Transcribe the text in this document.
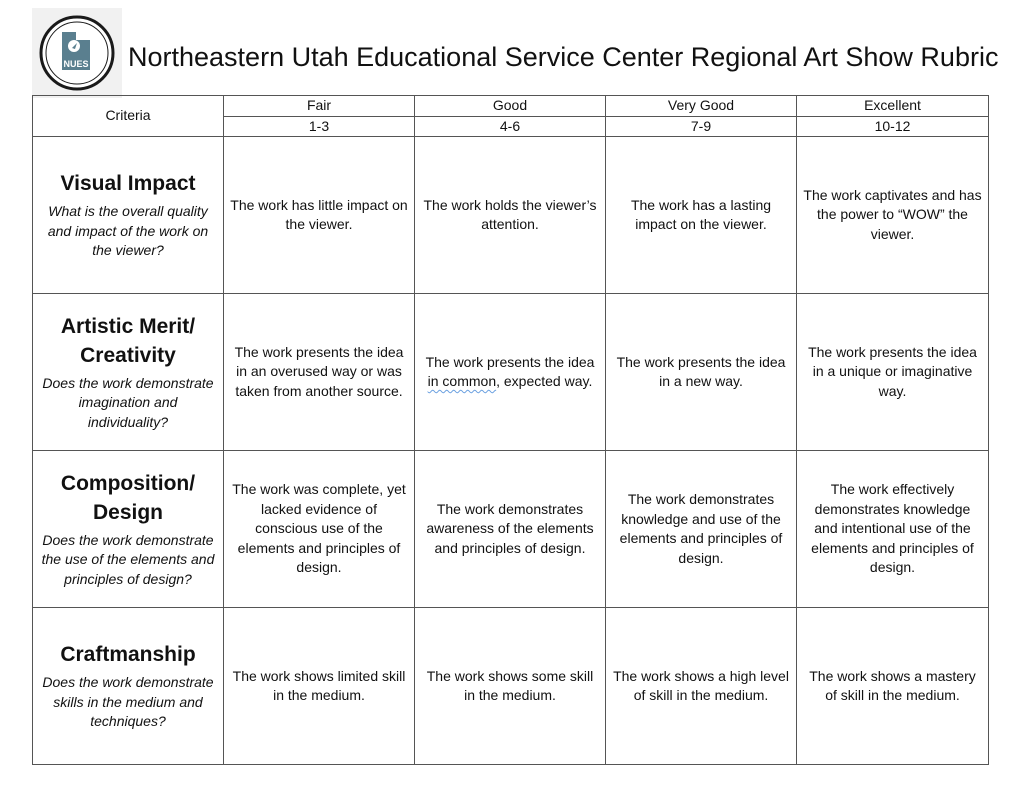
NUES Northeastern Utah Educational Service Center Regional Art Show Rubric
Criteria	Fair	Good	Very Good	Excellent
	1-3	4-6	7-9	10-12

Visual Impact
What is the overall quality and impact of the work on the viewer?	The work has little impact on the viewer.	The work holds the viewer’s attention.	The work has a lasting impact on the viewer.	The work captivates and has the power to “WOW” the viewer.

Artistic Merit/ Creativity
Does the work demonstrate imagination and individuality?	The work presents the idea in an overused way or was taken from another source.	The work presents the idea in common, expected way.	The work presents the idea in a new way.	The work presents the idea in a unique or imaginative way.

Composition/ Design
Does the work demonstrate the use of the elements and principles of design?	The work was complete, yet lacked evidence of conscious use of the elements and principles of design.	The work demonstrates awareness of the elements and principles of design.	The work demonstrates knowledge and use of the elements and principles of design.	The work effectively demonstrates knowledge and intentional use of the elements and principles of design.

Craftmanship
Does the work demonstrate skills in the medium and techniques?	The work shows limited skill in the medium.	The work shows some skill in the medium.	The work shows a high level of skill in the medium.	The work shows a mastery of skill in the medium.
